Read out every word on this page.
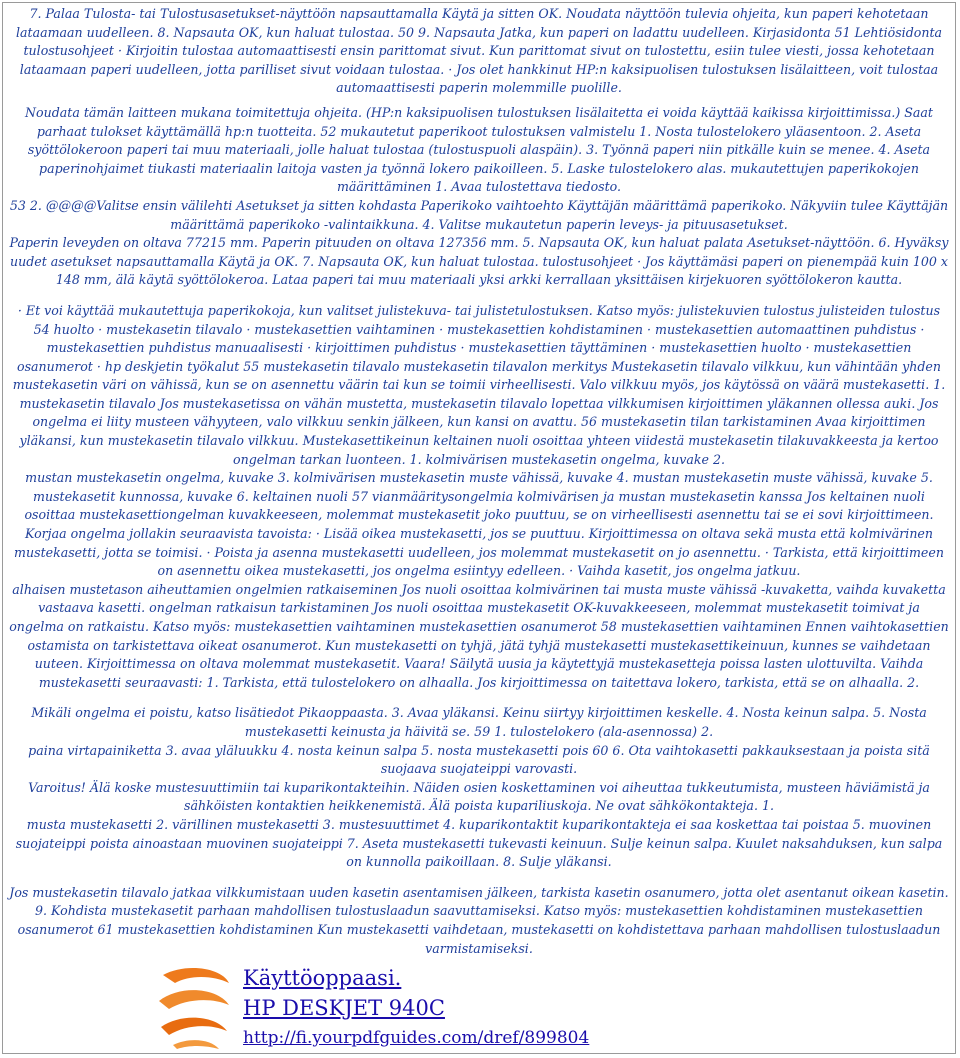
7. Palaa Tulosta- tai Tulostusasetukset-näyttöön napsauttamalla Käytä ja sitten OK. Noudata näyttöön tulevia ohjeita, kun paperi kehotetaan lataamaan uudelleen. 8. Napsauta OK, kun haluat tulostaa. 50 9. Napsauta Jatka, kun paperi on ladattu uudelleen. Kirjasidonta 51 Lehtiösidonta tulostusohjeet · Kirjoitin tulostaa automaattisesti ensin parittomat sivut. Kun parittomat sivut on tulostettu, esiin tulee viesti, jossa kehotetaan lataamaan paperi uudelleen, jotta parilliset sivut voidaan tulostaa. · Jos olet hankkinut HP:n kaksipuolisen tulostuksen lisälaitteen, voit tulostaa automaattisesti paperin molemmille puolille.

Noudata tämän laitteen mukana toimitettuja ohjeita. (HP:n kaksipuolisen tulostuksen lisälaitetta ei voida käyttää kaikissa kirjoittimissa.) Saat parhaat tulokset käyttämällä hp:n tuotteita. 52 mukautetut paperikoot tulostuksen valmistelu 1. Nosta tulostelokero yläasentoon. 2. Aseta syöttölokeroon paperi tai muu materiaali, jolle haluat tulostaa (tulostuspuoli alaspäin). 3. Työnnä paperi niin pitkälle kuin se menee. 4. Aseta paperinohjaimet tiukasti materiaalin laitoja vasten ja työnnä lokero paikoilleen. 5. Laske tulostelokero alas. mukautettujen paperikokojen määrittäminen 1. Avaa tulostettava tiedosto.

53 2. @@@@Valitse ensin välilehti Asetukset ja sitten kohdasta Paperikoko vaihtoehto Käyttäjän määrittämä paperikoko. Näkyviin tulee Käyttäjän määrittämä paperikoko -valintaikkuna. 4. Valitse mukautetun paperin leveys- ja pituusasetukset.

Paperin leveyden on oltava 77215 mm. Paperin pituuden on oltava 127356 mm. 5. Napsauta OK, kun haluat palata Asetukset-näyttöön. 6. Hyväksy uudet asetukset napsauttamalla Käytä ja OK. 7. Napsauta OK, kun haluat tulostaa. tulostusohjeet · Jos käyttämäsi paperi on pienempää kuin 100 x 148 mm, älä käytä syöttölokeroa. Lataa paperi tai muu materiaali yksi arkki kerrallaan yksittäisen kirjekuoren syöttölokeron kautta.

· Et voi käyttää mukautettuja paperikokoja, kun valitset julistekuva- tai julistetulostuksen. Katso myös: julistekuvien tulostus julisteiden tulostus 54 huolto · mustekasetin tilavalo · mustekasettien vaihtaminen · mustekasettien kohdistaminen · mustekasettien automaattinen puhdistus · mustekasettien puhdistus manuaalisesti · kirjoittimen puhdistus · mustekasettien täyttäminen · mustekasettien huolto · mustekasettien osanumerot · hp deskjetin työkalut 55 mustekasetin tilavalo mustekasetin tilavalon merkitys Mustekasetin tilavalo vilkkuu, kun vähintään yhden mustekasetin väri on vähissä, kun se on asennettu väärin tai kun se toimii virheellisesti. Valo vilkkuu myös, jos käytössä on väärä mustekasetti. 1. mustekasetin tilavalo Jos mustekasetissa on vähän mustetta, mustekasetin tilavalo lopettaa vilkkumisen kirjoittimen yläkannen ollessa auki. Jos ongelma ei liity musteen vähyyteen, valo vilkkuu senkin jälkeen, kun kansi on avattu. 56 mustekasetin tilan tarkistaminen Avaa kirjoittimen yläkansi, kun mustekasetin tilavalo vilkkuu. Mustekasettikeinun keltainen nuoli osoittaa yhteen viidestä mustekasetin tilakuvakkeesta ja kertoo ongelman tarkan luonteen. 1. kolmivärisen mustekasetin ongelma, kuvake 2.

mustan mustekasetin ongelma, kuvake 3. kolmivärisen mustekasetin muste vähissä, kuvake 4. mustan mustekasetin muste vähissä, kuvake 5. mustekasetit kunnossa, kuvake 6. keltainen nuoli 57 vianmääritysongelmia kolmivärisen ja mustan mustekasetin kanssa Jos keltainen nuoli osoittaa mustekasettiongelman kuvakkeeseen, molemmat mustekasetit joko puuttuu, se on virheellisesti asennettu tai se ei sovi kirjoittimeen.

Korjaa ongelma jollakin seuraavista tavoista: · Lisää oikea mustekasetti, jos se puuttuu. Kirjoittimessa on oltava sekä musta että kolmivärinen mustekasetti, jotta se toimisi. · Poista ja asenna mustekasetti uudelleen, jos molemmat mustekasetit on jo asennettu. · Tarkista, että kirjoittimeen on asennettu oikea mustekasetti, jos ongelma esiintyy edelleen. · Vaihda kasetit, jos ongelma jatkuu.

alhaisen mustetason aiheuttamien ongelmien ratkaiseminen Jos nuoli osoittaa kolmivärinen tai musta muste vähissä -kuvaketta, vaihda kuvaketta vastaava kasetti. ongelman ratkaisun tarkistaminen Jos nuoli osoittaa mustekasetit OK-kuvakkeeseen, molemmat mustekasetit toimivat ja ongelma on ratkaistu. Katso myös: mustekasettien vaihtaminen mustekasettien osanumerot 58 mustekasettien vaihtaminen Ennen vaihtokasettien ostamista on tarkistettava oikeat osanumerot. Kun mustekasetti on tyhjä, jätä tyhjä mustekasetti mustekasettikeinuun, kunnes se vaihdetaan uuteen. Kirjoittimessa on oltava molemmat mustekasetit. Vaara! Säilytä uusia ja käytettyjä mustekasetteja poissa lasten ulottuvilta. Vaihda mustekasetti seuraavasti: 1. Tarkista, että tulostelokero on alhaalla. Jos kirjoittimessa on taitettava lokero, tarkista, että se on alhaalla. 2.

Mikäli ongelma ei poistu, katso lisätiedot Pikaoppaasta. 3. Avaa yläkansi. Keinu siirtyy kirjoittimen keskelle. 4. Nosta keinun salpa. 5. Nosta mustekasetti keinusta ja häivitä se. 59 1. tulostelokero (ala-asennossa) 2.

paina virtapainiketta 3. avaa yläluukku 4. nosta keinun salpa 5. nosta mustekasetti pois 60 6. Ota vaihtokasetti pakkauksestaan ja poista sitä suojaava suojateippi varovasti.

Varoitus! Älä koske mustesuuttimiin tai kuparikontakteihin. Näiden osien koskettaminen voi aiheuttaa tukkeutumista, musteen häviämistä ja sähköisten kontaktien heikkenemistä. Älä poista kupariliuskoja. Ne ovat sähkökontakteja. 1.

musta mustekasetti 2. värillinen mustekasetti 3. mustesuuttimet 4. kuparikontaktit kuparikontakteja ei saa koskettaa tai poistaa 5. muovinen suojateippi poista ainoastaan muovinen suojateippi 7. Aseta mustekasetti tukevasti keinuun. Sulje keinun salpa. Kuulet naksahduksen, kun salpa on kunnolla paikoillaan. 8. Sulje yläkansi.

Jos mustekasetin tilavalo jatkaa vilkkumistaan uuden kasetin asentamisen jälkeen, tarkista kasetin osanumero, jotta olet asentanut oikean kasetin. 9. Kohdista mustekasetit parhaan mahdollisen tulostuslaadun saavuttamiseksi. Katso myös: mustekasettien kohdistaminen mustekasettien osanumerot 61 mustekasettien kohdistaminen Kun mustekasetti vaihdetaan, mustekasetti on kohdistettava parhaan mahdollisen tulostuslaadun varmistamiseksi.

Käyttöoppaasi.
HP DESKJET 940C
http://fi.yourpdfguides.com/dref/899804
